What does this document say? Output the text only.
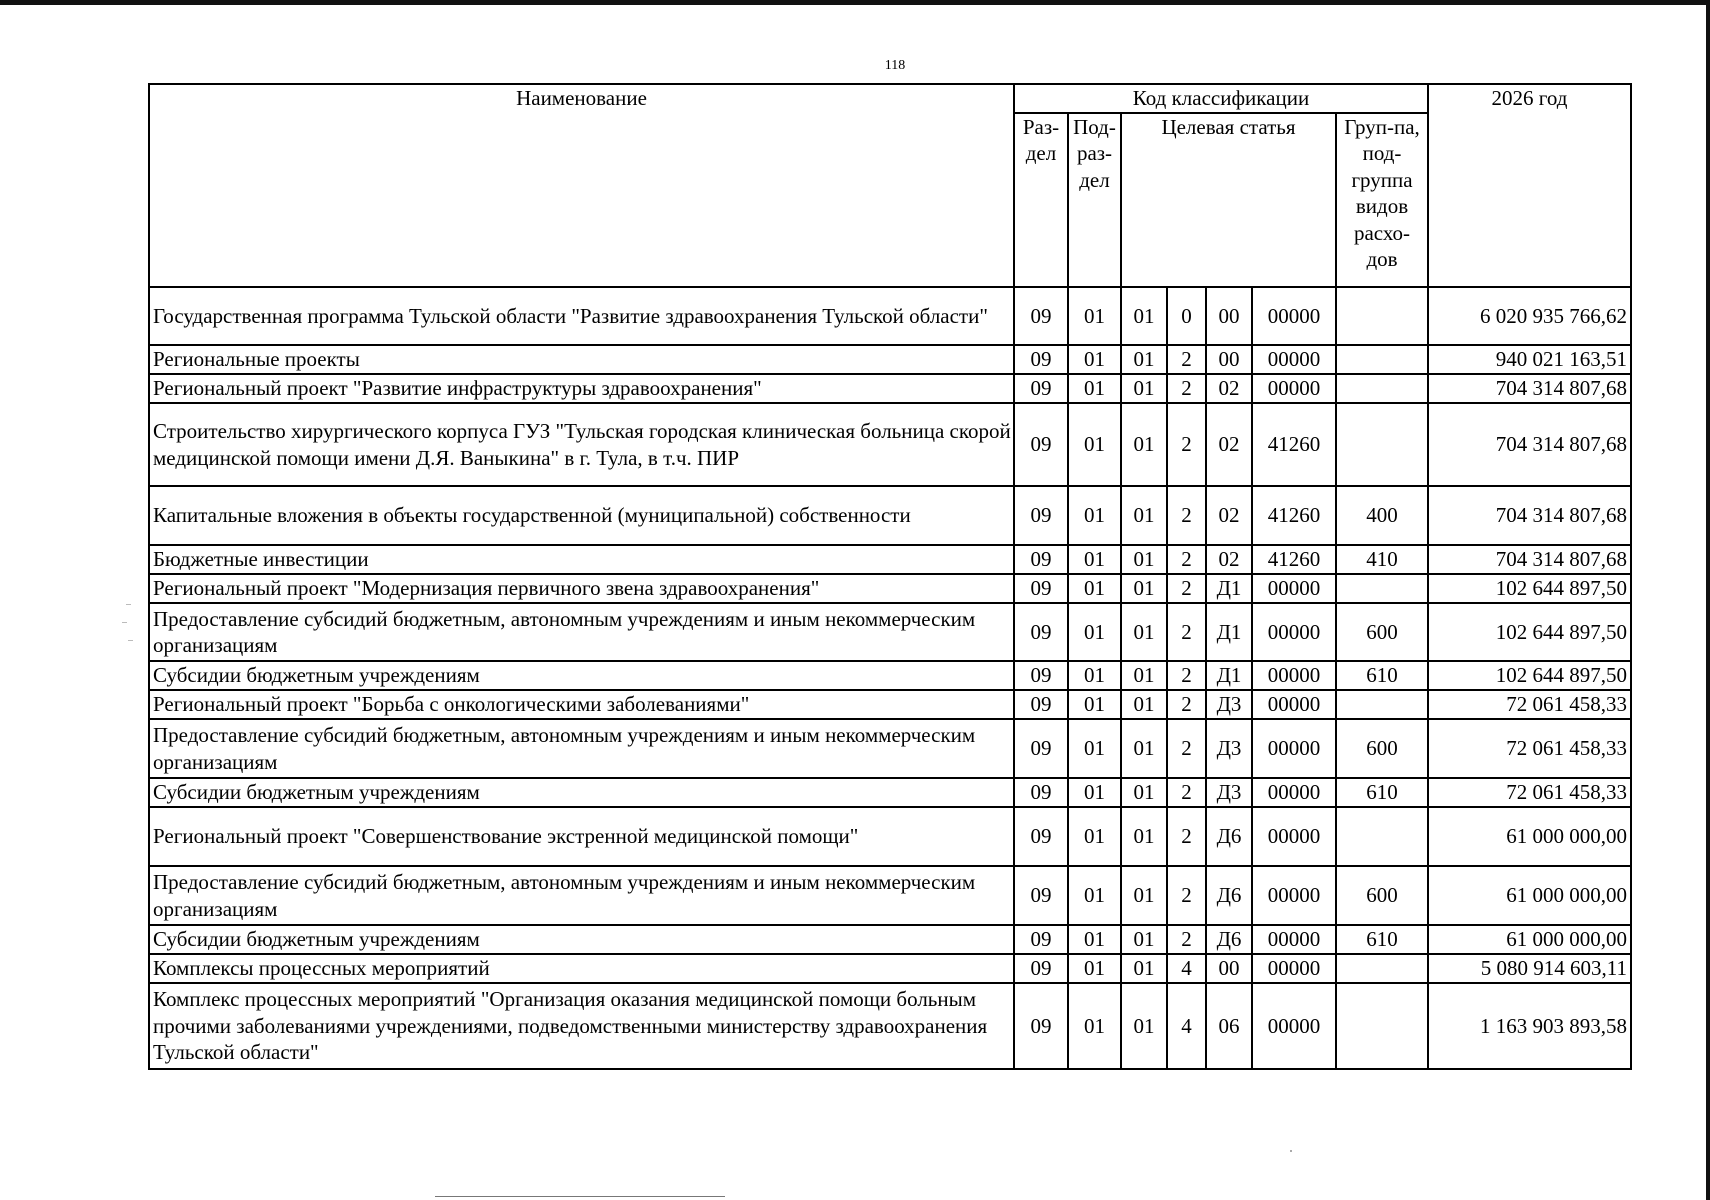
118
Наименование	Код классификации							2026 год
	Раз-дел	Под-раз-дел	Целевая статья				Груп-па, под-группа видов расхо-дов	
Государственная программа Тульской области "Развитие здравоохранения Тульской области"	09	01	01	0	00	00000		6 020 935 766,62
Региональные проекты	09	01	01	2	00	00000		940 021 163,51
Региональный проект "Развитие инфраструктуры здравоохранения"	09	01	01	2	02	00000		704 314 807,68
Строительство хирургического корпуса ГУЗ "Тульская городская клиническая больница скорой медицинской помощи имени Д.Я. Ваныкина" в г. Тула, в т.ч. ПИР	09	01	01	2	02	41260		704 314 807,68
Капитальные вложения в объекты государственной (муниципальной) собственности	09	01	01	2	02	41260	400	704 314 807,68
Бюджетные инвестиции	09	01	01	2	02	41260	410	704 314 807,68
Региональный проект "Модернизация первичного звена здравоохранения"	09	01	01	2	Д1	00000		102 644 897,50
Предоставление субсидий бюджетным, автономным учреждениям и иным некоммерческим организациям	09	01	01	2	Д1	00000	600	102 644 897,50
Субсидии бюджетным учреждениям	09	01	01	2	Д1	00000	610	102 644 897,50
Региональный проект "Борьба с онкологическими заболеваниями"	09	01	01	2	Д3	00000		72 061 458,33
Предоставление субсидий бюджетным, автономным учреждениям и иным некоммерческим организациям	09	01	01	2	Д3	00000	600	72 061 458,33
Субсидии бюджетным учреждениям	09	01	01	2	Д3	00000	610	72 061 458,33
Региональный проект "Совершенствование экстренной медицинской помощи"	09	01	01	2	Д6	00000		61 000 000,00
Предоставление субсидий бюджетным, автономным учреждениям и иным некоммерческим организациям	09	01	01	2	Д6	00000	600	61 000 000,00
Субсидии бюджетным учреждениям	09	01	01	2	Д6	00000	610	61 000 000,00
Комплексы процессных мероприятий	09	01	01	4	00	00000		5 080 914 603,11
Комплекс процессных мероприятий "Организация оказания медицинской помощи больным прочими заболеваниями учреждениями, подведомственными министерству здравоохранения Тульской области"	09	01	01	4	06	00000		1 163 903 893,58
